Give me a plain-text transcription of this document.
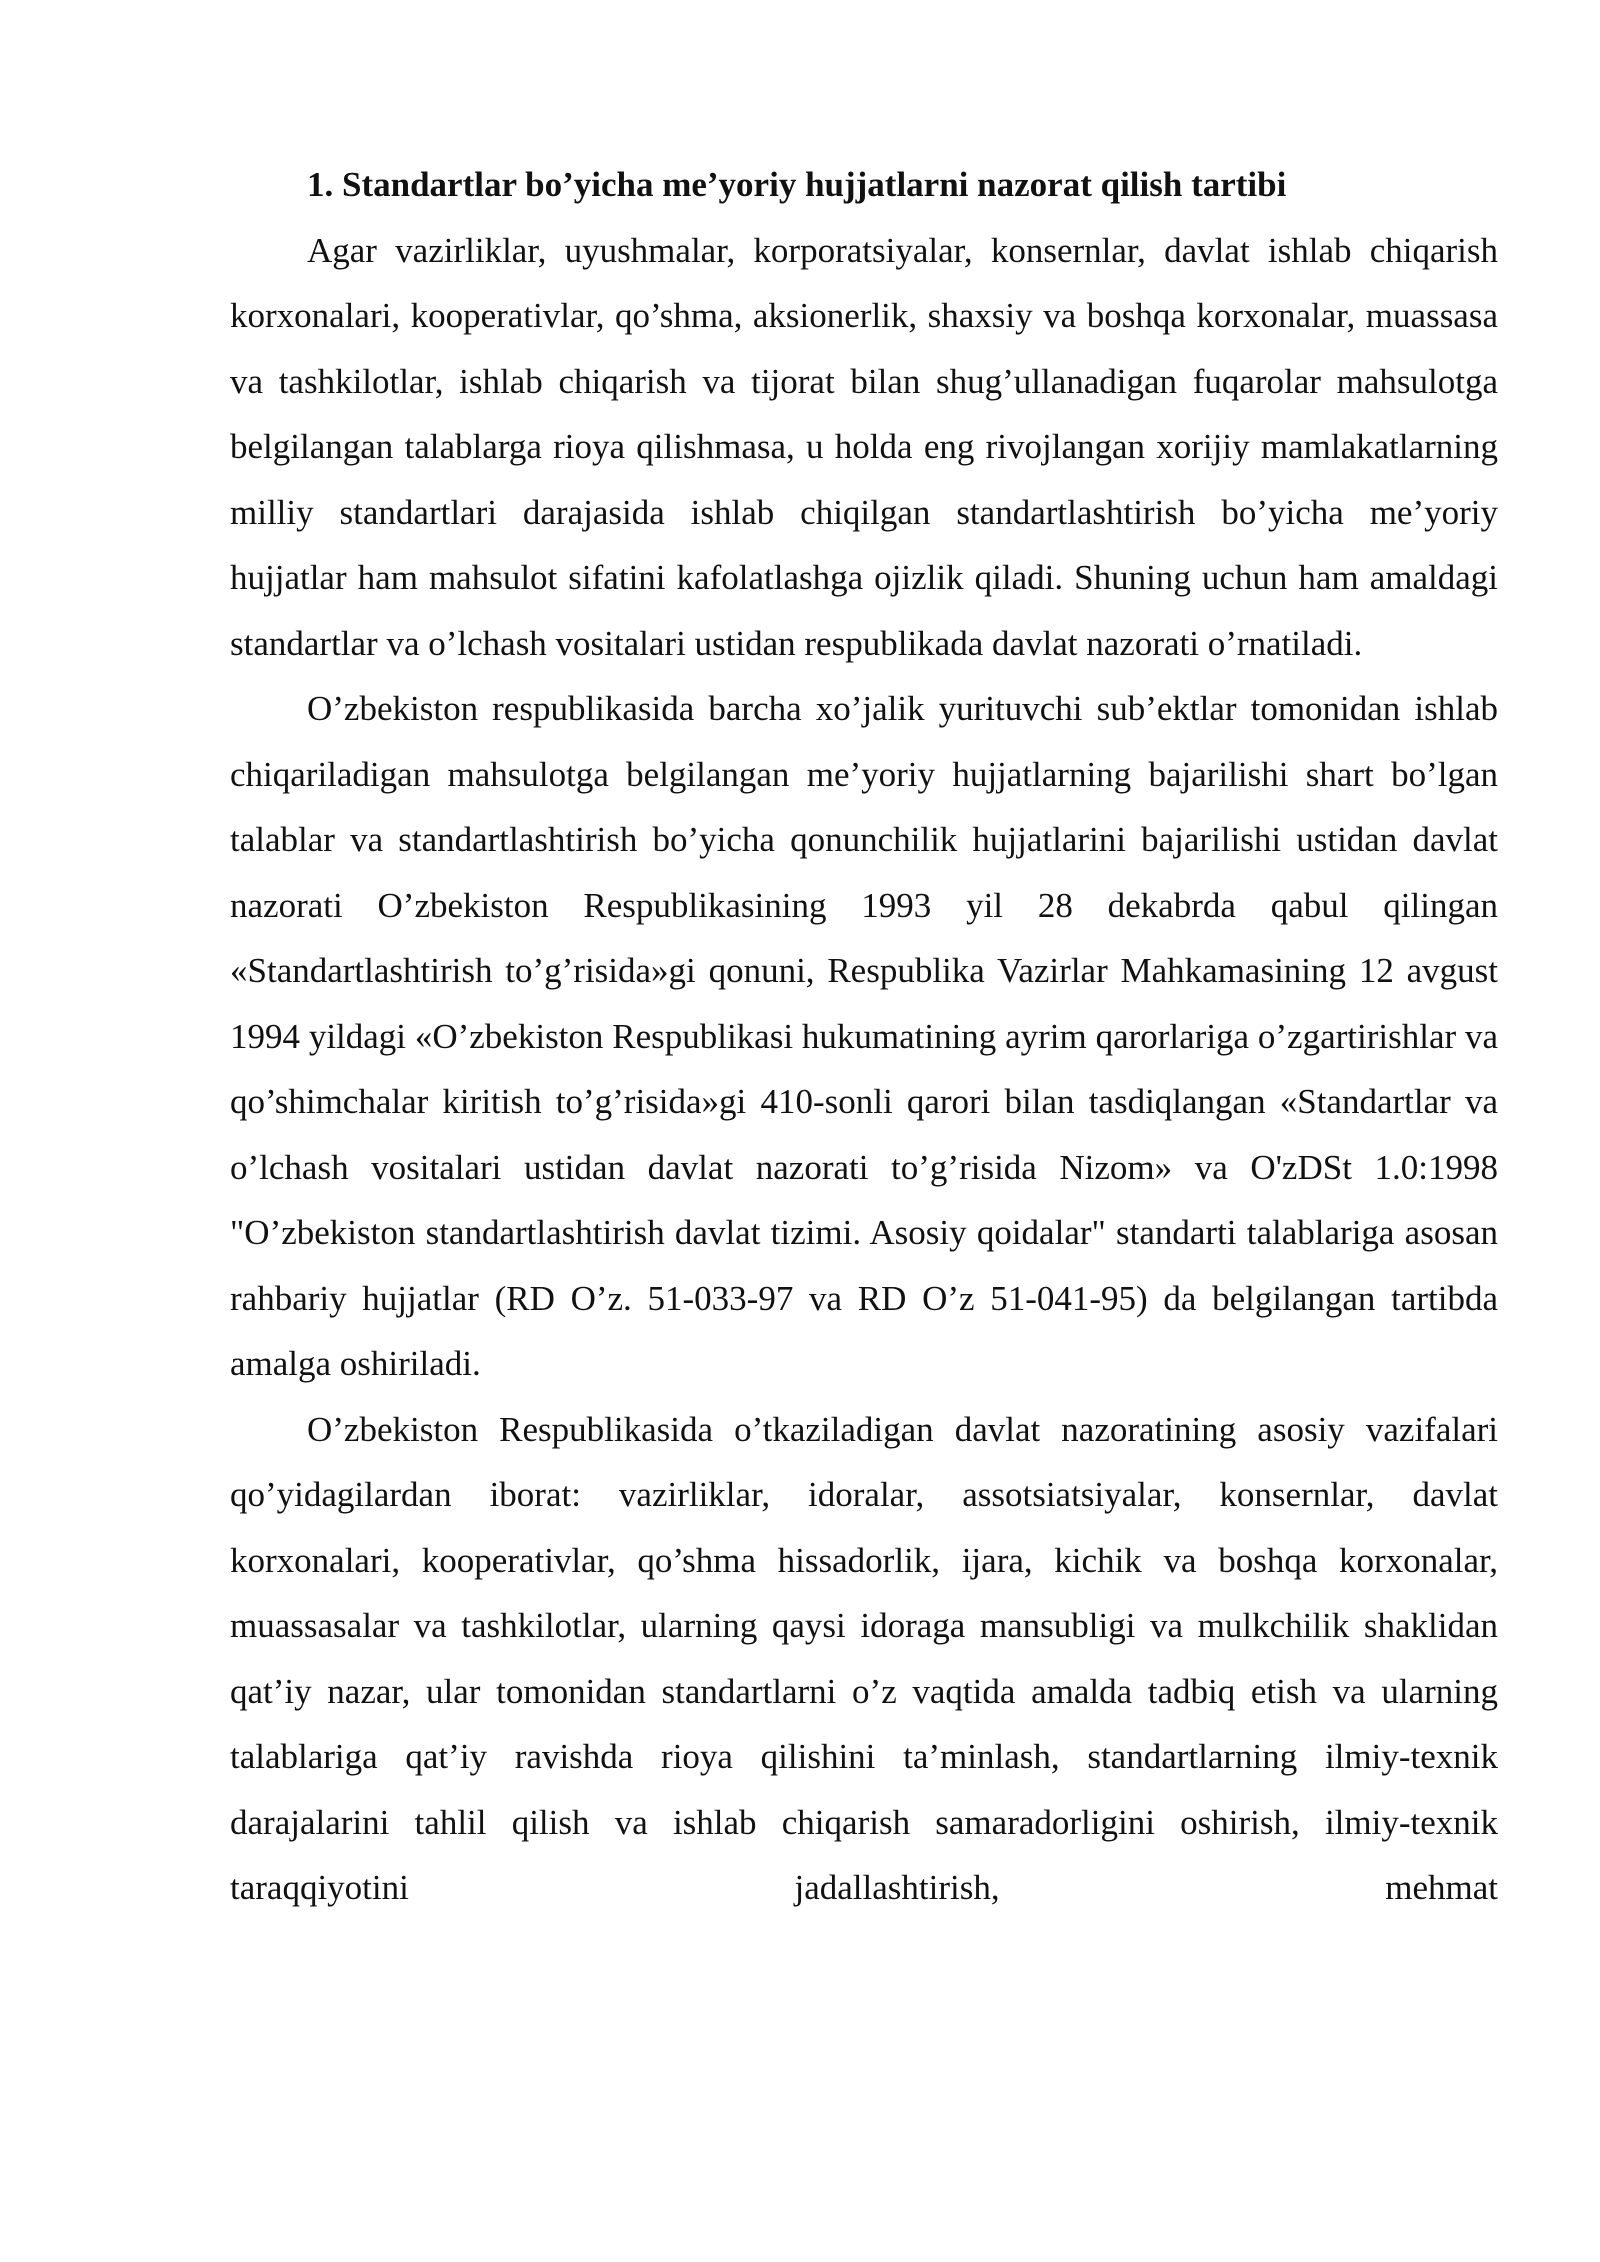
1. Standartlar bo’yicha me’yoriy hujjatlarni nazorat qilish tartibi

Agar vazirliklar, uyushmalar, korporatsiyalar, konsernlar, davlat ishlab chiqarish korxonalari, kooperativlar, qo’shma, aksionerlik, shaxsiy va boshqa korxonalar, muassasa va tashkilotlar, ishlab chiqarish va tijorat bilan shug’ullanadigan fuqarolar mahsulotga belgilangan talablarga rioya qilishmasa, u holda eng rivojlangan xorijiy mamlakatlarning milliy standartlari darajasida ishlab chiqilgan standartlashtirish bo’yicha me’yoriy hujjatlar ham mahsulot sifatini kafolatlashga ojizlik qiladi. Shuning uchun ham amaldagi standartlar va o’lchash vositalari ustidan respublikada davlat nazorati o’rnatiladi.

O’zbekiston respublikasida barcha xo’jalik yurituvchi sub’ektlar tomonidan ishlab chiqariladigan mahsulotga belgilangan me’yoriy hujjatlarning bajarilishi shart bo’lgan talablar va standartlashtirish bo’yicha qonunchilik hujjatlarini bajarilishi ustidan davlat nazorati O’zbekiston Respublikasining 1993 yil 28 dekabrda qabul qilingan «Standartlashtirish to’g’risida»gi qonuni, Respublika Vazirlar Mahkamasining 12 avgust 1994 yildagi «O’zbekiston Respublikasi hukumatining ayrim qarorlariga o’zgartirishlar va qo’shimchalar kiritish to’g’risida»gi 410-sonli qarori bilan tasdiqlangan «Standartlar va o’lchash vositalari ustidan davlat nazorati to’g’risida Nizom» va O'zDSt 1.0:1998 "O’zbekiston standartlashtirish davlat tizimi. Asosiy qoidalar" standarti talablariga asosan rahbariy hujjatlar (RD O’z. 51-033-97 va RD O’z 51-041-95) da belgilangan tartibda amalga oshiriladi.

O’zbekiston Respublikasida o’tkaziladigan davlat nazoratining asosiy vazifalari qo’yidagilardan iborat: vazirliklar, idoralar, assotsiatsiyalar, konsernlar, davlat korxonalari, kooperativlar, qo’shma hissadorlik, ijara, kichik va boshqa korxonalar, muassasalar va tashkilotlar, ularning qaysi idoraga mansubligi va mulkchilik shaklidan qat’iy nazar, ular tomonidan standartlarni o’z vaqtida amalda tadbiq etish va ularning talablariga qat’iy ravishda rioya qilishini ta’minlash, standartlarning ilmiy-texnik darajalarini tahlil qilish va ishlab chiqarish samaradorligini oshirish, ilmiy-texnik taraqqiyotini jadallashtirish, mehmat
